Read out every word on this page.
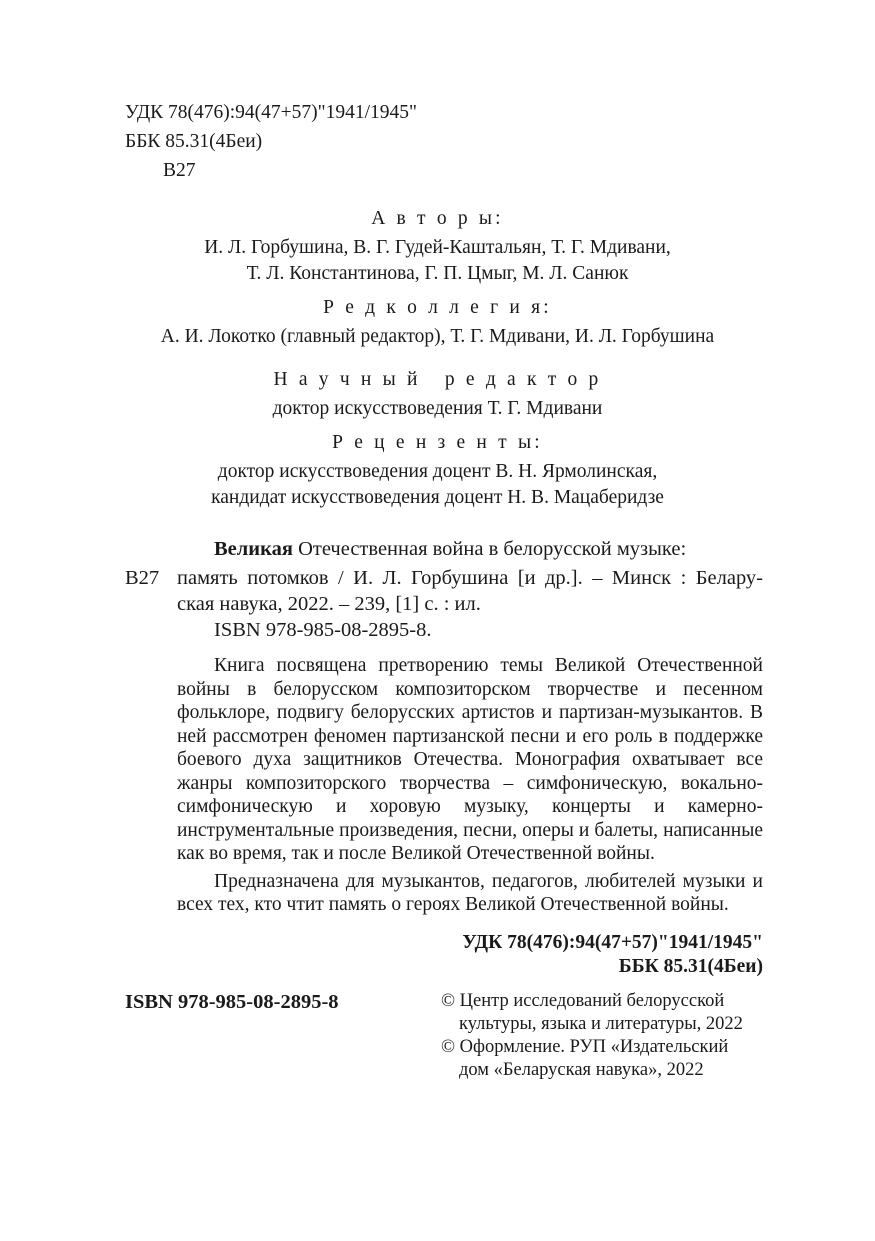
УДК 78(476):94(47+57)"1941/1945"
ББК 85.31(4Беи)
В27
А в т о р ы:
И. Л. Горбушина, В. Г. Гудей-Каштальян, Т. Г. Мдивани,
Т. Л. Константинова, Г. П. Цмыг, М. Л. Санюк
Р е д к о л л е г и я:
А. И. Локотко (главный редактор), Т. Г. Мдивани, И. Л. Горбушина
Н а у ч н ы й   р е д а к т о р
доктор искусствоведения Т. Г. Мдивани
Р е ц е н з е н т ы:
доктор искусствоведения доцент В. Н. Ярмолинская,
кандидат искусствоведения доцент Н. В. Мацаберидзе
В27
Великая Отечественная война в белорусской музыке:
память потомков / И. Л. Горбушина [и др.]. – Минск : Белару-
ская навука, 2022. – 239, [1] с. : ил.
ISBN 978-985-08-2895-8.

Книга посвящена претворению темы Великой Отечественной войны в белорусском композиторском творчестве и песенном фольклоре, подвигу белорусских артистов и партизан-музыкантов. В ней рассмотрен феномен партизанской песни и его роль в поддержке боевого духа защитников Отечества. Монография охватывает все жанры композиторского творчества – симфоническую, вокально-симфоническую и хоровую музыку, концерты и камерно-инструментальные произведения, песни, оперы и балеты, написанные как во время, так и после Великой Отечественной войны.

Предназначена для музыкантов, педагогов, любителей музыки и всех тех, кто чтит память о героях Великой Отечественной войны.

УДК 78(476):94(47+57)"1941/1945"
ББК 85.31(4Беи)
ISBN 978-985-08-2895-8	© Центр исследований белорусской
культуры, языка и литературы, 2022
© Оформление. РУП «Издательский
дом «Беларуская навука», 2022
